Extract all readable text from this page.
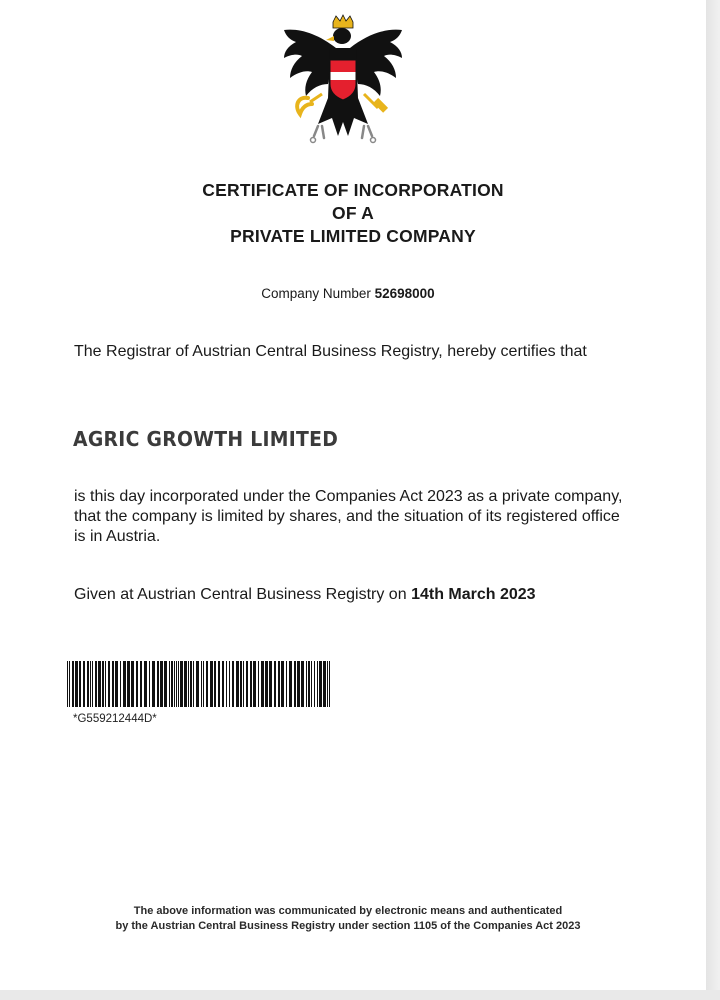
CERTIFICATE OF INCORPORATION
OF A
PRIVATE LIMITED COMPANY
Company Number 52698000
The Registrar of Austrian Central Business Registry, hereby certifies that
AGRIC GROWTH LIMITED
is this day incorporated under the Companies Act 2023 as a private company, that the company is limited by shares, and the situation of its registered office is in Austria.
Given at Austrian Central Business Registry on 14th March 2023
*G559212444D*
The above information was communicated by electronic means and authenticated
by the Austrian Central Business Registry under section 1105 of the Companies Act 2023
